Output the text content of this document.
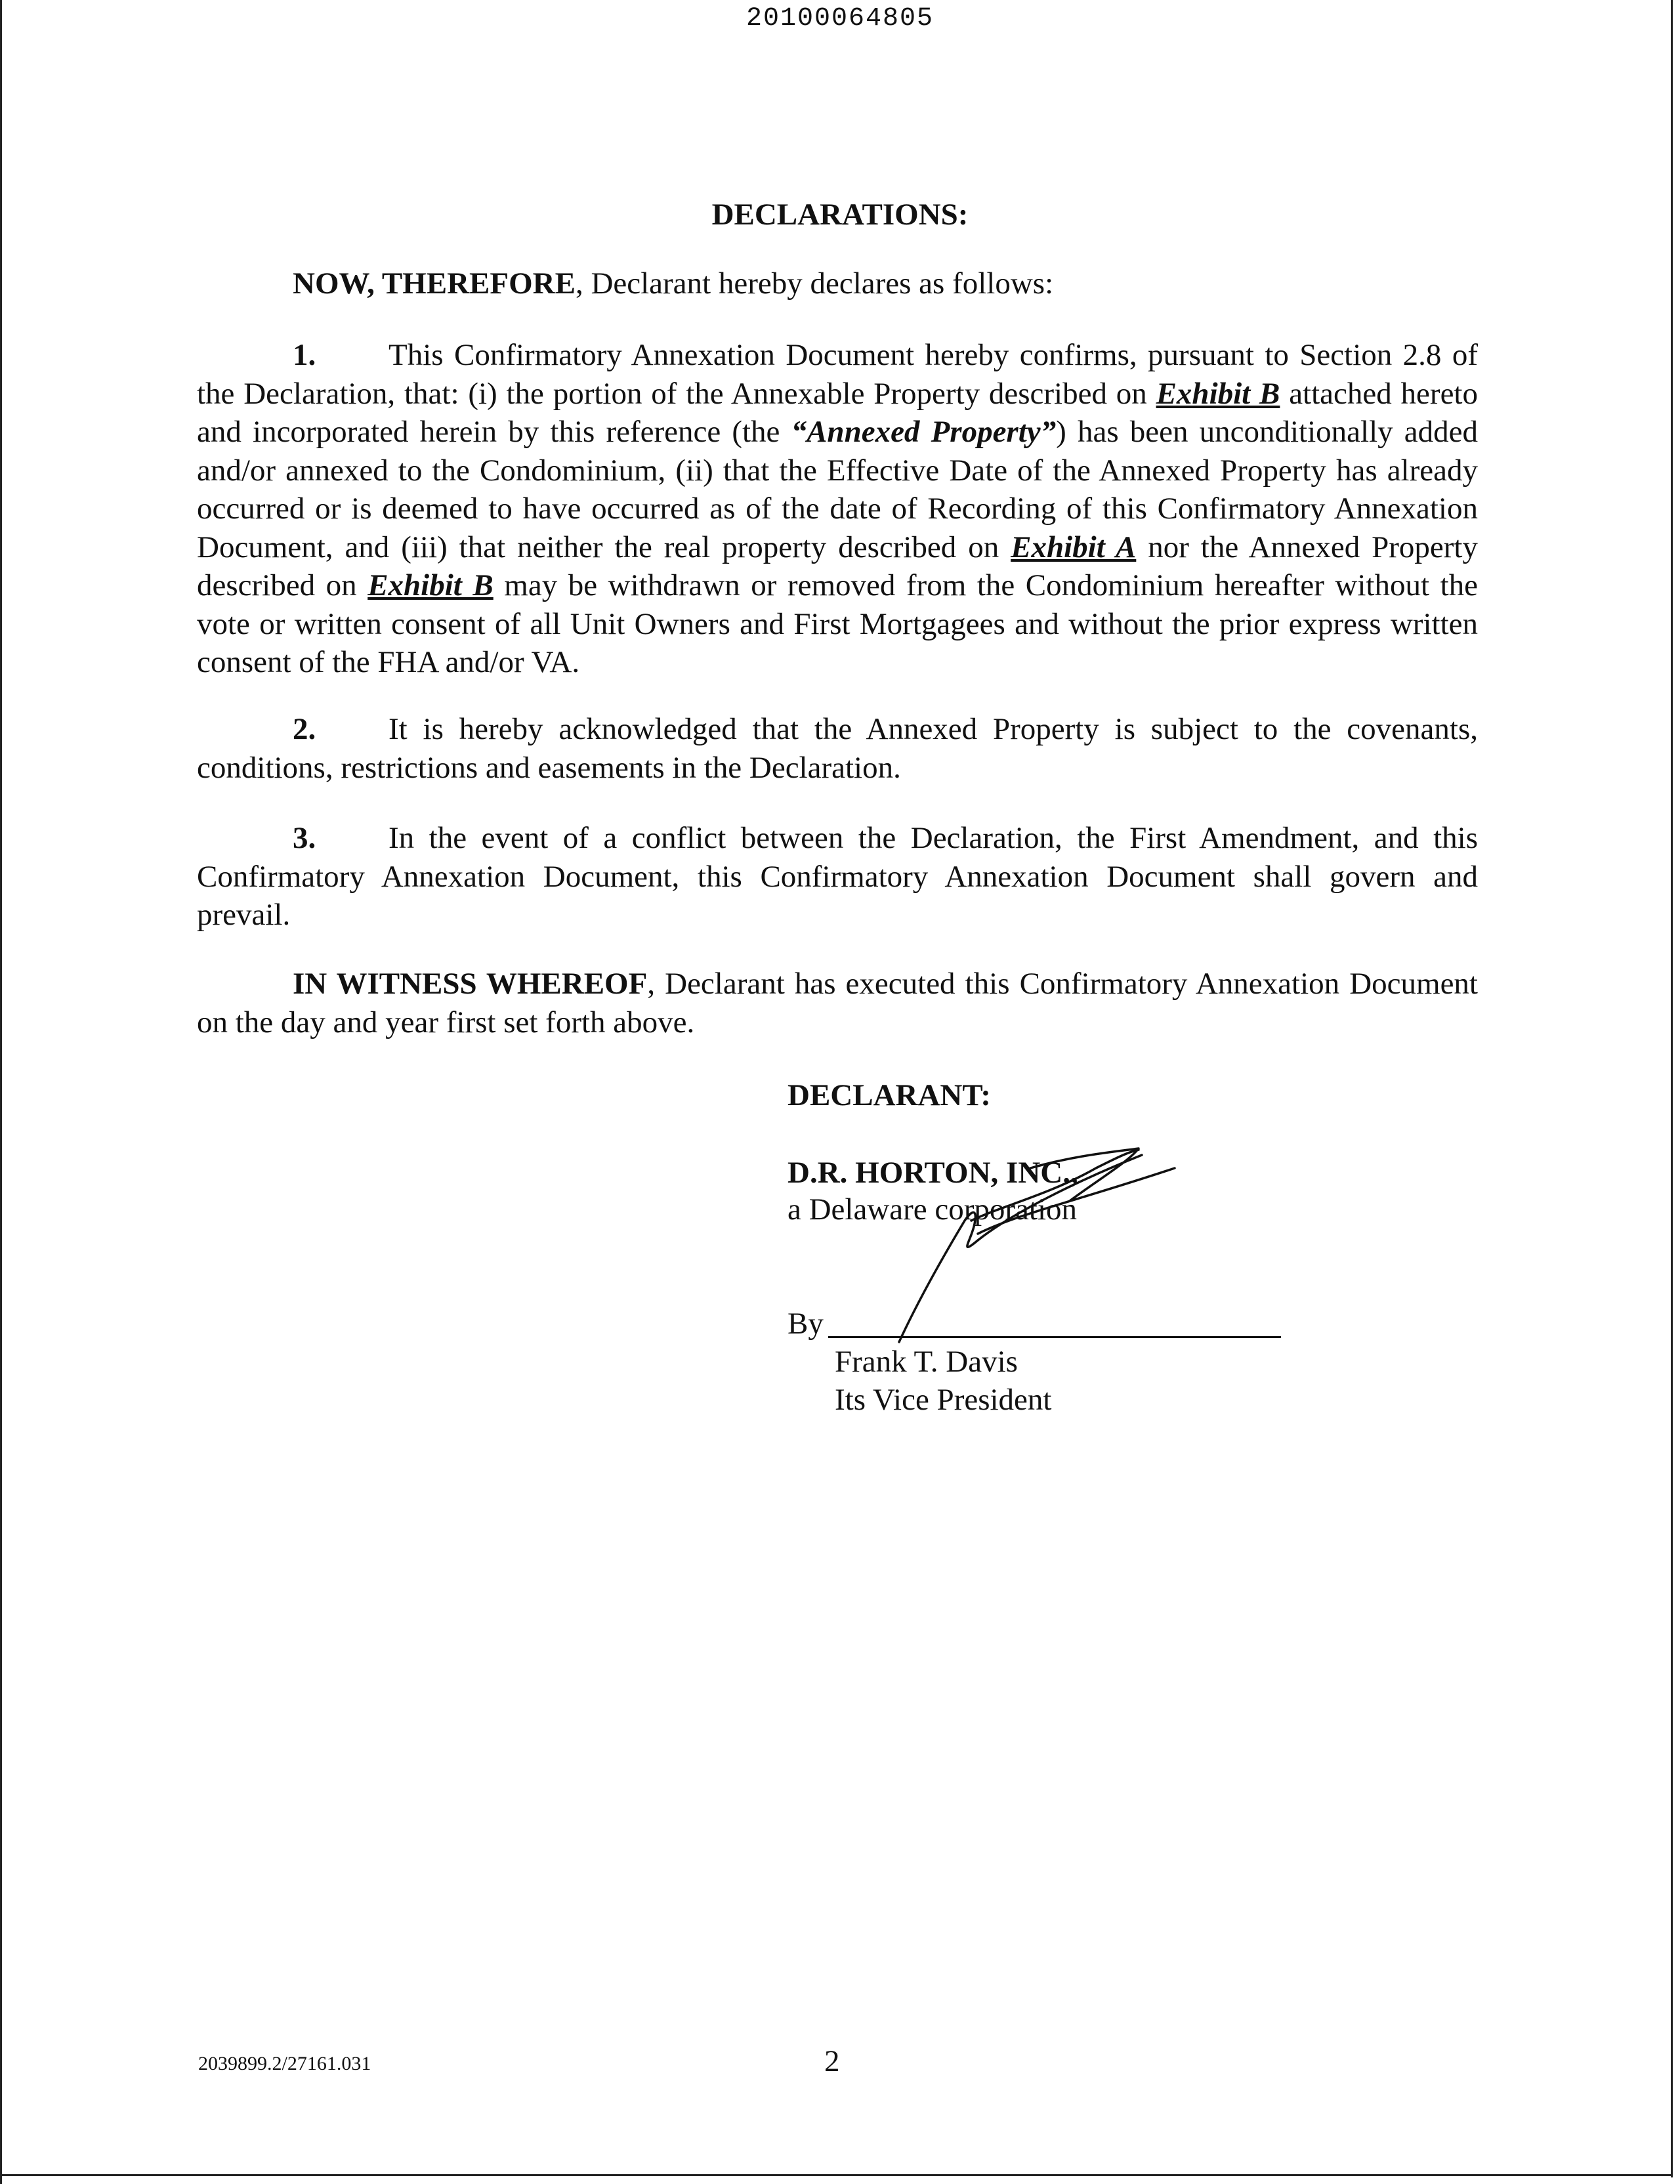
20100064805
DECLARATIONS:
NOW, THEREFORE, Declarant hereby declares as follows:
1. This Confirmatory Annexation Document hereby confirms, pursuant to Section 2.8 of the Declaration, that: (i) the portion of the Annexable Property described on Exhibit B attached hereto and incorporated herein by this reference (the “Annexed Property”) has been unconditionally added and/or annexed to the Condominium, (ii) that the Effective Date of the Annexed Property has already occurred or is deemed to have occurred as of the date of Recording of this Confirmatory Annexation Document, and (iii) that neither the real property described on Exhibit A nor the Annexed Property described on Exhibit B may be withdrawn or removed from the Condominium hereafter without the vote or written consent of all Unit Owners and First Mortgagees and without the prior express written consent of the FHA and/or VA.
2. It is hereby acknowledged that the Annexed Property is subject to the covenants, conditions, restrictions and easements in the Declaration.
3. In the event of a conflict between the Declaration, the First Amendment, and this Confirmatory Annexation Document, this Confirmatory Annexation Document shall govern and prevail.
IN WITNESS WHEREOF, Declarant has executed this Confirmatory Annexation Document on the day and year first set forth above.
DECLARANT:
D.R. HORTON, INC.,
a Delaware corporation
By
Frank T. Davis
Its Vice President
2039899.2/27161.031	2
